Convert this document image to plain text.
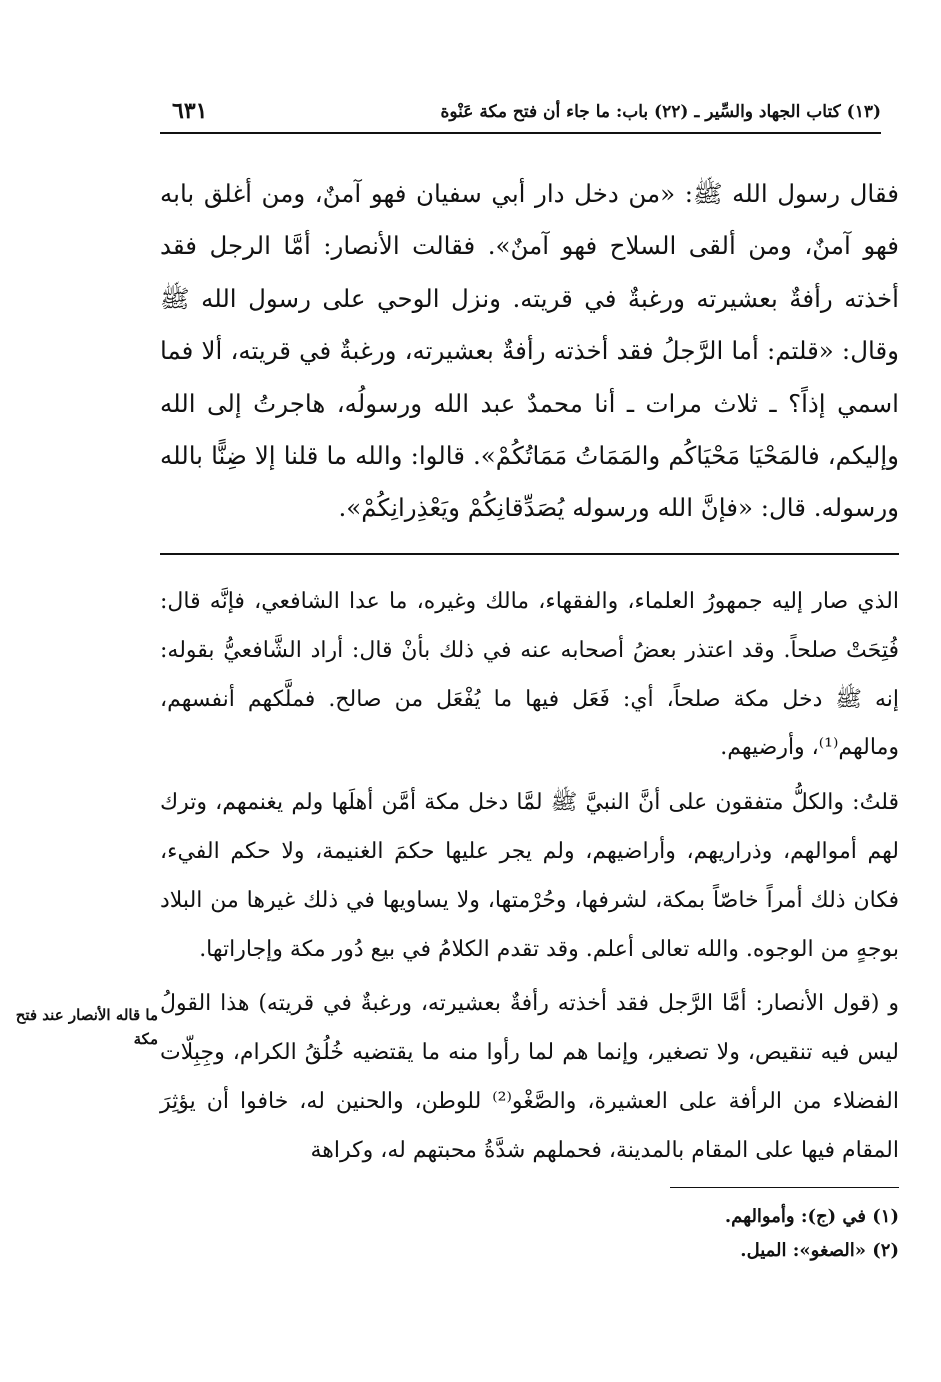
(١٣) كتاب الجهاد والسِّير ـ (٢٢) باب: ما جاء أن فتح مكة عَنْوة
٦٣١

فقال رسول الله ﷺ: «من دخل دار أبي سفيان فهو آمنٌ، ومن أغلق بابه فهو آمنٌ، ومن ألقى السلاح فهو آمنٌ». فقالت الأنصار: أمَّا الرجل فقد أخذته رأفةٌ بعشيرته ورغبةٌ في قريته. ونزل الوحي على رسول الله ﷺ وقال: «قلتم: أما الرَّجلُ فقد أخذته رأفةٌ بعشيرته، ورغبةٌ في قريته، ألا فما اسمي إذاً؟ ـ ثلاث مرات ـ أنا محمدٌ عبد الله ورسولُه، هاجرتُ إلى الله وإليكم، فالمَحْيَا مَحْيَاكُم والمَمَاتُ مَمَاتُكُمْ». قالوا: والله ما قلنا إلا ضِنًّا بالله ورسوله. قال: «فإنَّ الله ورسوله يُصَدِّقانِكُمْ ويَعْذِرانِكُمْ».

الذي صار إليه جمهورُ العلماء، والفقهاء، مالك وغيره، ما عدا الشافعي، فإنَّه قال: فُتِحَتْ صلحاً. وقد اعتذر بعضُ أصحابه عنه في ذلك بأنْ قال: أراد الشَّافعيُّ بقوله: إنه ﷺ دخل مكة صلحاً، أي: فَعَل فيها ما يُفْعَل من صالح. فملَّكهم أنفسهم، ومالهم⁽¹⁾، وأرضيهم.

قلتُ: والكلُّ متفقون على أنَّ النبيَّ ﷺ لمَّا دخل مكة أمَّن أهلَها ولم يغنمهم، وترك لهم أموالهم، وذراريهم، وأراضيهم، ولم يجر عليها حكمَ الغنيمة، ولا حكم الفيء، فكان ذلك أمراً خاصّاً بمكة، لشرفها، وحُرْمتها، ولا يساويها في ذلك غيرها من البلاد بوجهٍ من الوجوه. والله تعالى أعلم. وقد تقدم الكلامُ في بيع دُور مكة وإجاراتها.

و (قول الأنصار: أمَّا الرَّجل فقد أخذته رأفةٌ بعشيرته، ورغبةٌ في قريته) هذا القولُ ليس فيه تنقيص، ولا تصغير، وإنما هم لما رأوا منه ما يقتضيه خُلُقُ الكرام، وجِبِلّات الفضلاء من الرأفة على العشيرة، والصَّغْو⁽²⁾ للوطن، والحنين له، خافوا أن يؤثِرَ المقام فيها على المقام بالمدينة، فحملهم شدَّةُ محبتهم له، وكراهة

ما قاله الأنصار عند فتح مكة
(١) في (ج): وأموالهم.
(٢) «الصغو»: الميل.
